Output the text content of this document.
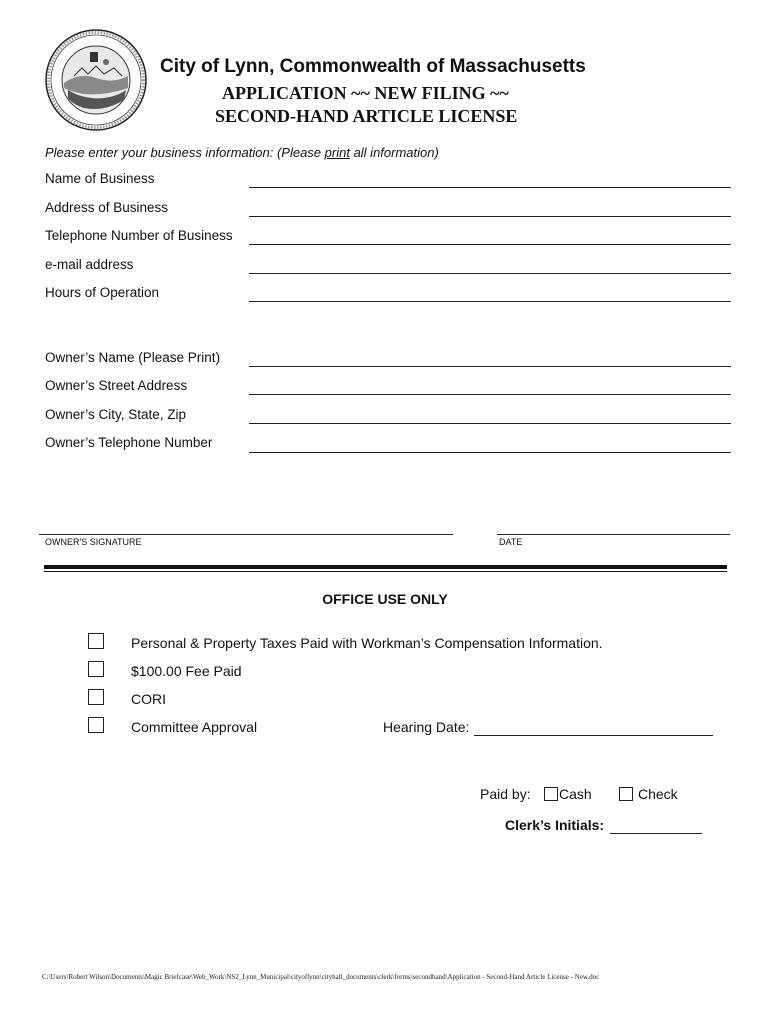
City of Lynn, Commonwealth of Massachusetts
APPLICATION ~~ NEW FILING ~~
SECOND-HAND ARTICLE LICENSE
Please enter your business information: (Please print all information)
Name of Business
Address of Business
Telephone Number of Business
e-mail address
Hours of Operation
Owner’s Name (Please Print)
Owner’s Street Address
Owner’s City, State, Zip
Owner’s Telephone Number
OWNER'S SIGNATURE	DATE
OFFICE USE ONLY
Personal & Property Taxes Paid with Workman’s Compensation Information.
$100.00 Fee Paid
CORI
Committee Approval	Hearing Date:
Paid by: Cash	Check
Clerk’s Initials:
C:\Users\Robert Wilson\Documents\Magic Briefcase\Web_Work\NS2_Lynn_Municipal\cityoflynn\cityhall_documents\clerk\forms\secondhand\Application - Second-Hand Article License - New.doc
